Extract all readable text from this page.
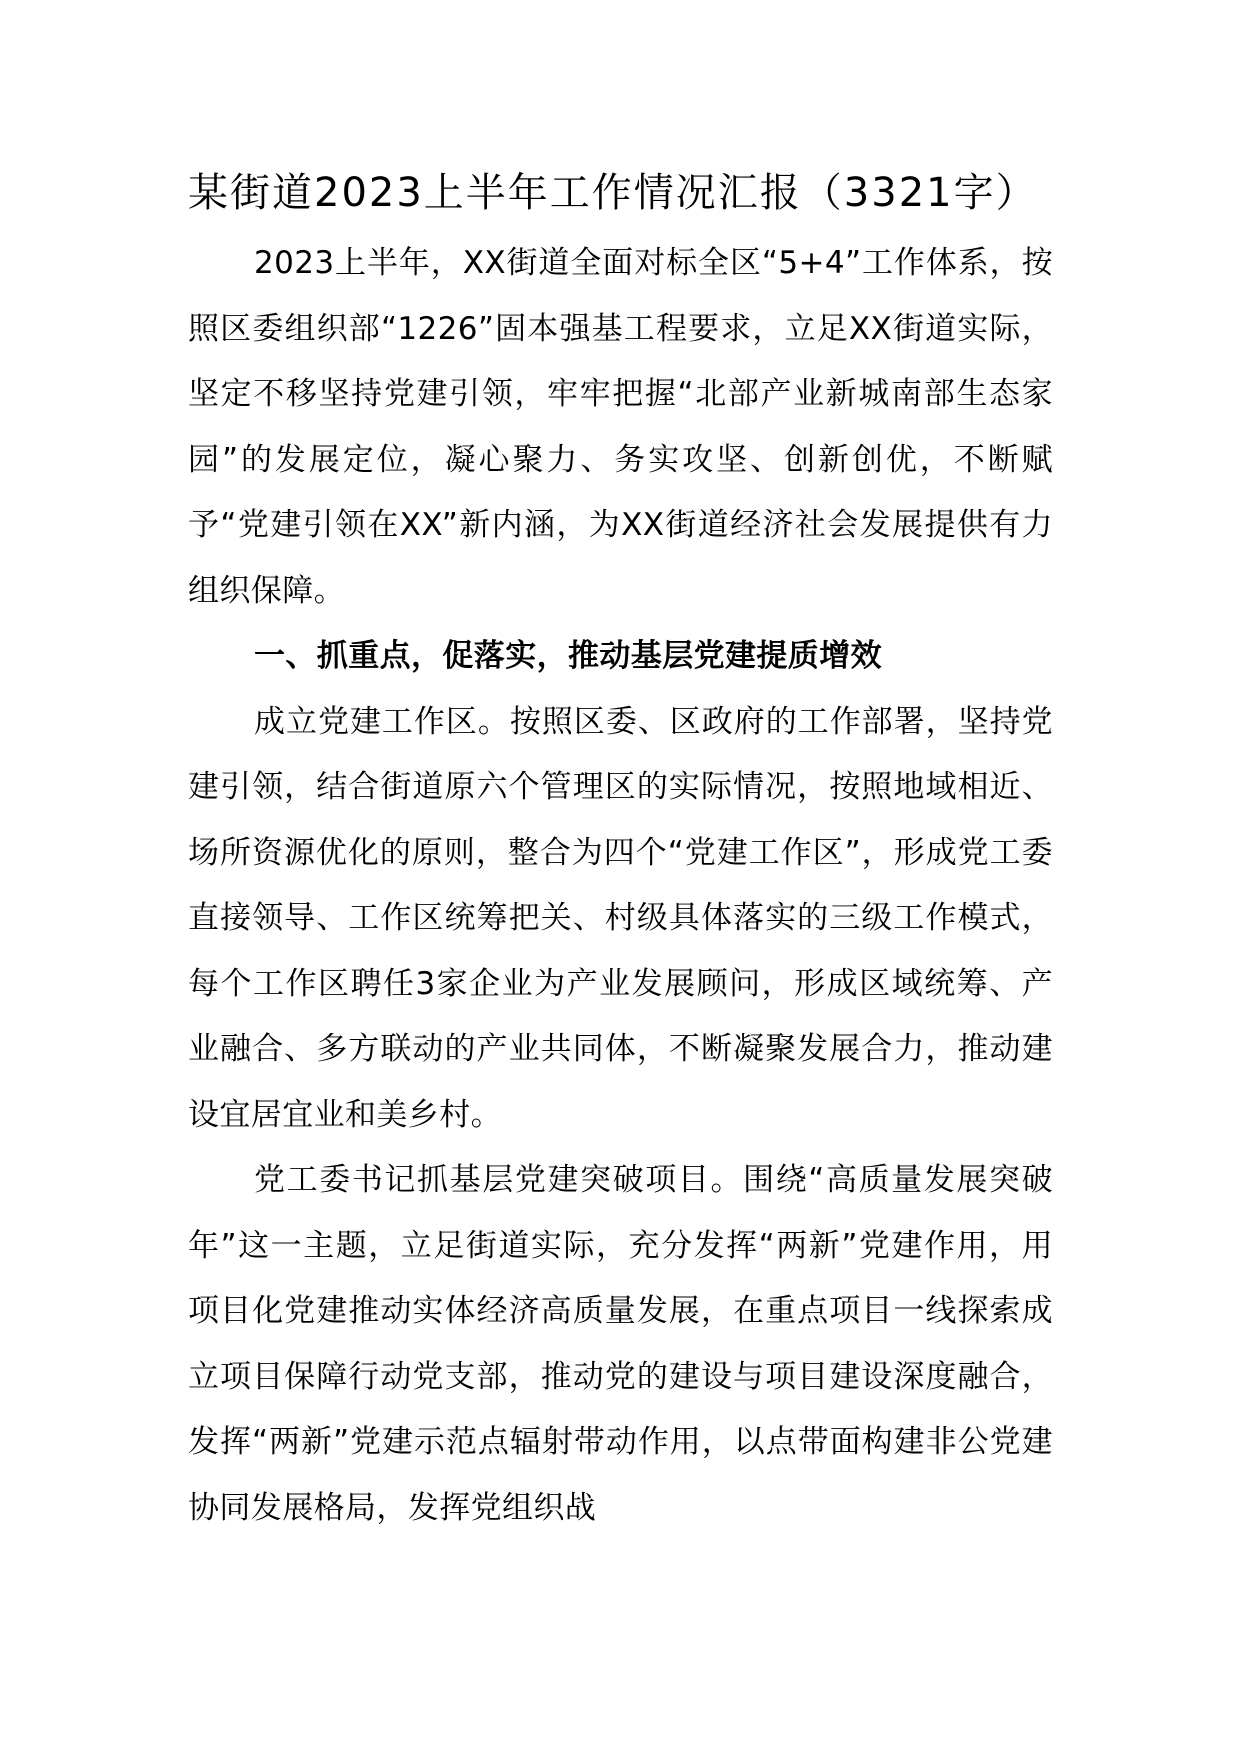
某街道2023上半年工作情况汇报（3321字）

2023上半年，XX街道全面对标全区“5+4”工作体系，按照区委组织部“1226”固本强基工程要求，立足XX街道实际，坚定不移坚持党建引领，牢牢把握“北部产业新城南部生态家园”的发展定位，凝心聚力、务实攻坚、创新创优，不断赋予“党建引领在XX”新内涵，为XX街道经济社会发展提供有力组织保障。

一、抓重点，促落实，推动基层党建提质增效

成立党建工作区。按照区委、区政府的工作部署，坚持党建引领，结合街道原六个管理区的实际情况，按照地域相近、场所资源优化的原则，整合为四个“党建工作区”，形成党工委直接领导、工作区统筹把关、村级具体落实的三级工作模式，每个工作区聘任3家企业为产业发展顾问，形成区域统筹、产业融合、多方联动的产业共同体，不断凝聚发展合力，推动建设宜居宜业和美乡村。

党工委书记抓基层党建突破项目。围绕“高质量发展突破年”这一主题，立足街道实际，充分发挥“两新”党建作用，用项目化党建推动实体经济高质量发展，在重点项目一线探索成立项目保障行动党支部，推动党的建设与项目建设深度融合，发挥“两新”党建示范点辐射带动作用，以点带面构建非公党建协同发展格局，发挥党组织战
